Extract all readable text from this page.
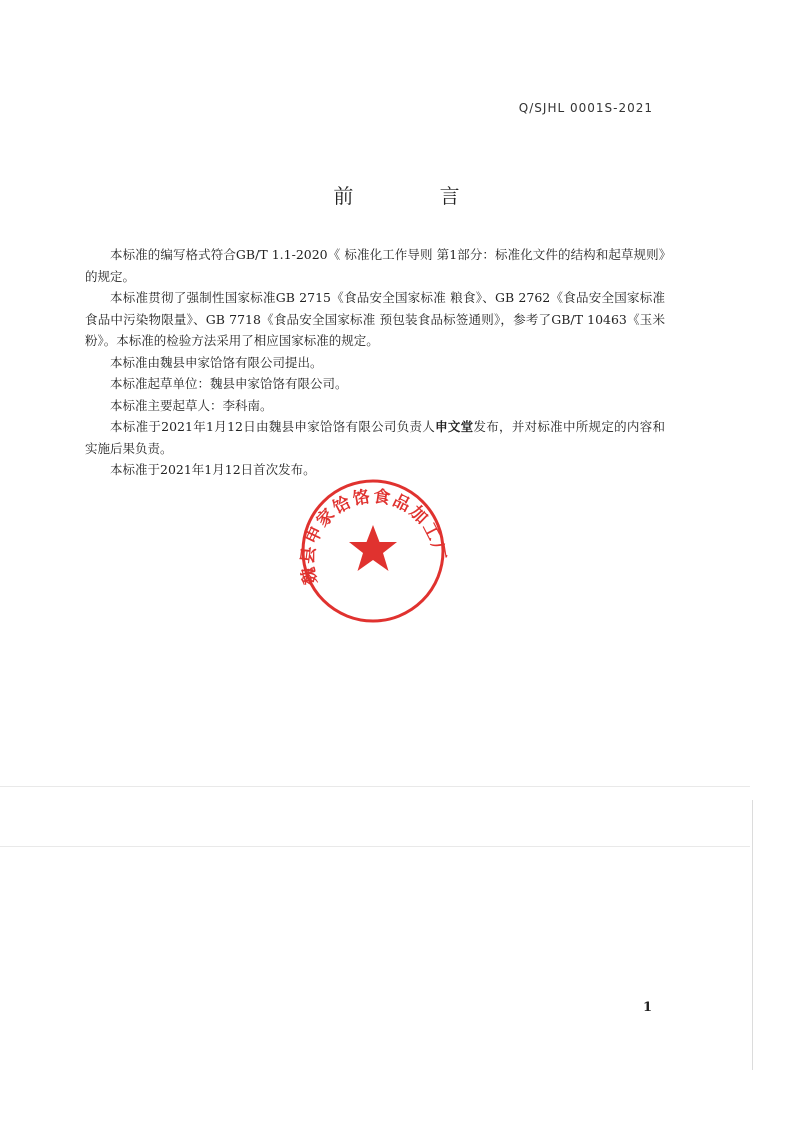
Q/SJHL 0001S-2021
前 言

本标准的编写格式符合GB/T 1.1-2020《 标准化工作导则 第1部分：标准化文件的结构和起草规则》的规定。

本标准贯彻了强制性国家标准GB 2715《食品安全国家标准 粮食》、GB 2762《食品安全国家标准 食品中污染物限量》、GB 7718《食品安全国家标准 预包装食品标签通则》，参考了GB/T 10463《玉米粉》。本标准的检验方法采用了相应国家标准的规定。

本标准由魏县申家饸饹有限公司提出。

本标准起草单位：魏县申家饸饹有限公司。

本标准主要起草人：李科南。

本标准于2021年1月12日由魏县申家饸饹有限公司负责人申文堂发布，并对标准中所规定的内容和实施后果负责。

本标准于2021年1月12日首次发布。

魏县申家饸饹食品加工厂
1
